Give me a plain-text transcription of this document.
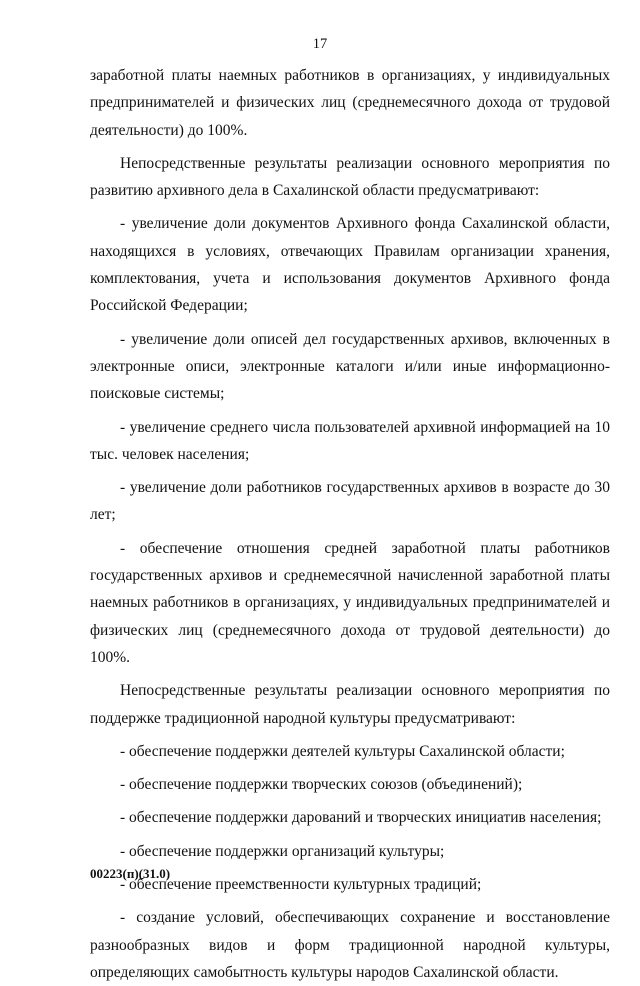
17

заработной платы наемных работников в организациях, у индивидуальных предпринимателей и физических лиц (среднемесячного дохода от трудовой деятельности) до 100%.

Непосредственные результаты реализации основного мероприятия по развитию архивного дела в Сахалинской области предусматривают:

- увеличение доли документов Архивного фонда Сахалинской области, находящихся в условиях, отвечающих Правилам организации хранения, комплектования, учета и использования документов Архивного фонда Российской Федерации;

- увеличение доли описей дел государственных архивов, включенных в электронные описи, электронные каталоги и/или иные информационно-поисковые системы;

- увеличение среднего числа пользователей архивной информацией на 10 тыс. человек населения;

- увеличение доли работников государственных архивов в возрасте до 30 лет;

- обеспечение отношения средней заработной платы работников государственных архивов и среднемесячной начисленной заработной платы наемных работников в организациях, у индивидуальных предпринимателей и физических лиц (среднемесячного дохода от трудовой деятельности) до 100%.

Непосредственные результаты реализации основного мероприятия по поддержке традиционной народной культуры предусматривают:

- обеспечение поддержки деятелей культуры Сахалинской области;

- обеспечение поддержки творческих союзов (объединений);

- обеспечение поддержки дарований и творческих инициатив населения;

- обеспечение поддержки организаций культуры;

- обеспечение преемственности культурных традиций;

- создание условий, обеспечивающих сохранение и восстановление разнообразных видов и форм традиционной народной культуры, определяющих самобытность культуры народов Сахалинской области.

00223(п)(31.0)
